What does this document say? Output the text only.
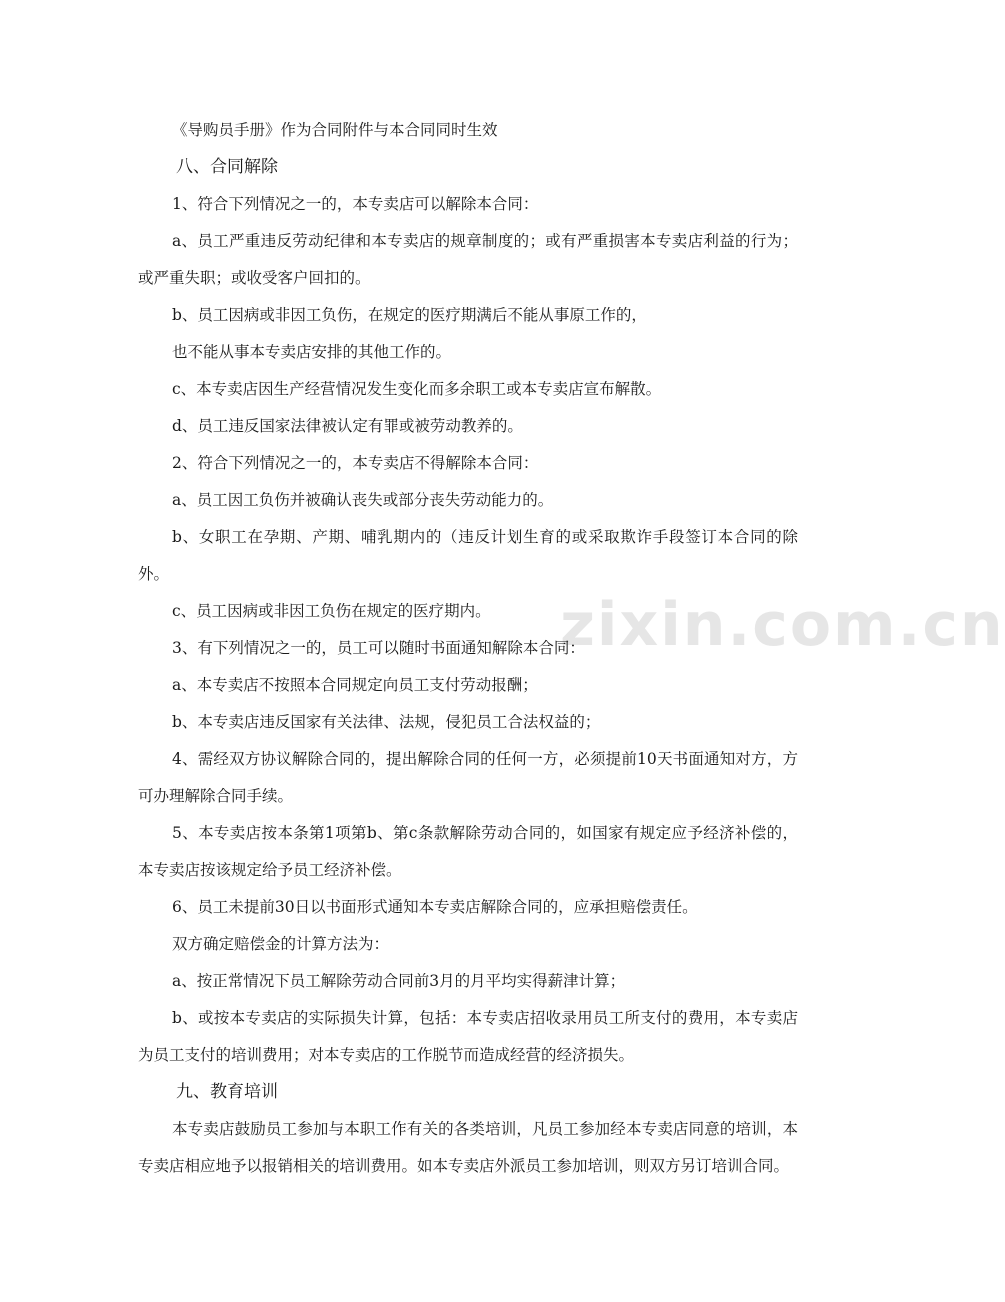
zixin.com.cn

《导购员手册》作为合同附件与本合同同时生效

八、合同解除

1、符合下列情况之一的，本专卖店可以解除本合同：

a、员工严重违反劳动纪律和本专卖店的规章制度的；或有严重损害本专卖店利益的行为；或严重失职；或收受客户回扣的。

b、员工因病或非因工负伤，在规定的医疗期满后不能从事原工作的，

也不能从事本专卖店安排的其他工作的。

c、本专卖店因生产经营情况发生变化而多余职工或本专卖店宣布解散。

d、员工违反国家法律被认定有罪或被劳动教养的。

2、符合下列情况之一的，本专卖店不得解除本合同：

a、员工因工负伤并被确认丧失或部分丧失劳动能力的。

b、女职工在孕期、产期、哺乳期内的（违反计划生育的或采取欺诈手段签订本合同的除外。

c、员工因病或非因工负伤在规定的医疗期内。

3、有下列情况之一的，员工可以随时书面通知解除本合同：

a、本专卖店不按照本合同规定向员工支付劳动报酬；

b、本专卖店违反国家有关法律、法规，侵犯员工合法权益的；

4、需经双方协议解除合同的，提出解除合同的任何一方，必须提前10天书面通知对方，方可办理解除合同手续。

5、本专卖店按本条第1项第b、第c条款解除劳动合同的，如国家有规定应予经济补偿的，本专卖店按该规定给予员工经济补偿。

6、员工未提前30日以书面形式通知本专卖店解除合同的，应承担赔偿责任。

双方确定赔偿金的计算方法为：

a、按正常情况下员工解除劳动合同前3月的月平均实得薪津计算；

b、或按本专卖店的实际损失计算，包括：本专卖店招收录用员工所支付的费用，本专卖店为员工支付的培训费用；对本专卖店的工作脱节而造成经营的经济损失。

九、教育培训

本专卖店鼓励员工参加与本职工作有关的各类培训，凡员工参加经本专卖店同意的培训，本专卖店相应地予以报销相关的培训费用。如本专卖店外派员工参加培训，则双方另订培训合同。
